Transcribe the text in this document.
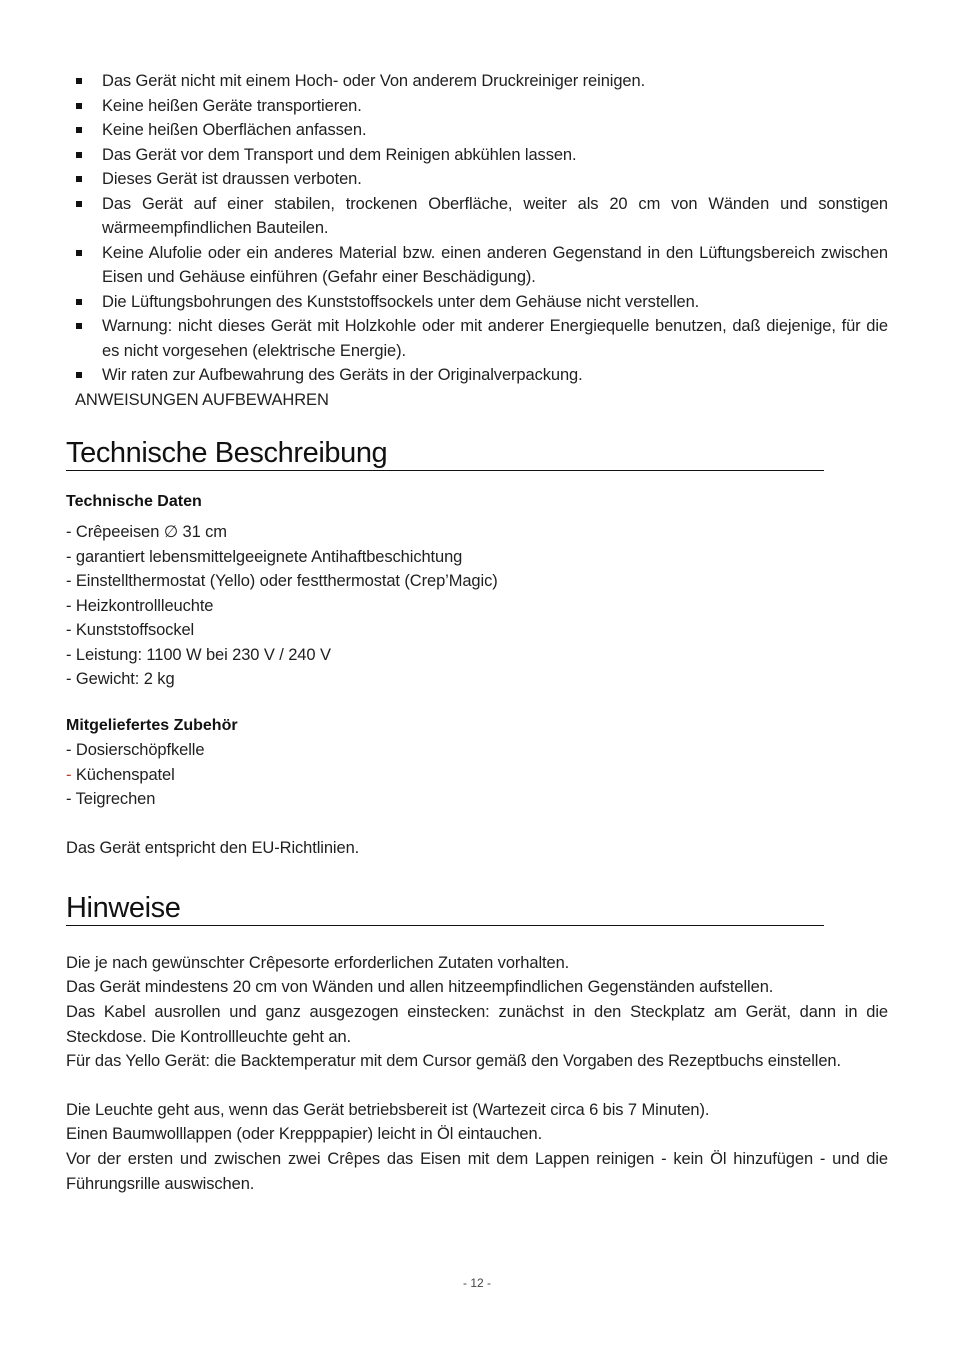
Das Gerät nicht mit einem Hoch- oder Von anderem Druckreiniger reinigen.
Keine heißen Geräte transportieren.
Keine heißen Oberflächen anfassen.
Das Gerät vor dem Transport und dem Reinigen abkühlen lassen.
Dieses Gerät ist draussen verboten.
Das Gerät auf einer stabilen, trockenen Oberfläche, weiter als 20 cm von Wänden und sonstigen wärmeempfindlichen Bauteilen.
Keine Alufolie oder ein anderes Material bzw. einen anderen Gegenstand in den Lüftungsbereich zwischen Eisen und Gehäuse einführen (Gefahr einer Beschädigung).
Die Lüftungsbohrungen des Kunststoffsockels unter dem Gehäuse nicht verstellen.
Warnung: nicht dieses Gerät mit Holzkohle oder mit anderer Energiequelle benutzen, daß diejenige, für die es nicht vorgesehen (elektrische Energie).
Wir raten zur Aufbewahrung des Geräts in der Originalverpackung.
ANWEISUNGEN AUFBEWAHREN
Technische Beschreibung
Technische Daten
- Crêpeeisen ∅ 31 cm
- garantiert lebensmittelgeeignete Antihaftbeschichtung
- Einstellthermostat (Yello) oder festthermostat (Crep’Magic)
- Heizkontrollleuchte
- Kunststoffsockel
- Leistung: 1100 W bei 230 V / 240 V
- Gewicht: 2 kg
Mitgeliefertes Zubehör
- Dosierschöpfkelle
- Küchenspatel
- Teigrechen
Das Gerät entspricht den EU-Richtlinien.
Hinweise
Die je nach gewünschter Crêpesorte erforderlichen Zutaten vorhalten.
Das Gerät mindestens 20 cm von Wänden und allen hitzeempfindlichen Gegenständen aufstellen.
Das Kabel ausrollen und ganz ausgezogen einstecken: zunächst in den Steckplatz am Gerät, dann in die Steckdose. Die Kontrollleuchte geht an.
Für das Yello Gerät: die Backtemperatur mit dem Cursor gemäß den Vorgaben des Rezeptbuchs einstellen.
Die Leuchte geht aus, wenn das Gerät betriebsbereit ist (Wartezeit circa 6 bis 7 Minuten).
Einen Baumwolllappen (oder Krepppapier) leicht in Öl eintauchen.
Vor der ersten und zwischen zwei Crêpes das Eisen mit dem Lappen reinigen - kein Öl hinzufügen - und die Führungsrille auswischen.
- 12 -
